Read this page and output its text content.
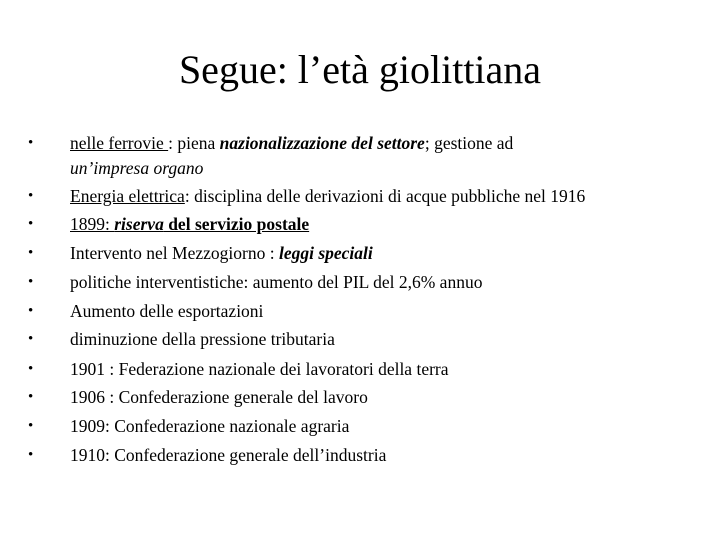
Segue: l’età giolittiana
• nelle ferrovie : piena nazionalizzazione del settore; gestione ad
un’impresa organo
• Energia elettrica: disciplina delle derivazioni di acque pubbliche nel 1916
• 1899: riserva del servizio postale
• Intervento nel Mezzogiorno : leggi speciali
• politiche interventistiche: aumento del PIL del 2,6% annuo
• Aumento delle esportazioni
• diminuzione della pressione tributaria
• 1901 : Federazione nazionale dei lavoratori della terra
• 1906 : Confederazione generale del lavoro
• 1909: Confederazione nazionale agraria
• 1910: Confederazione generale dell’industria
